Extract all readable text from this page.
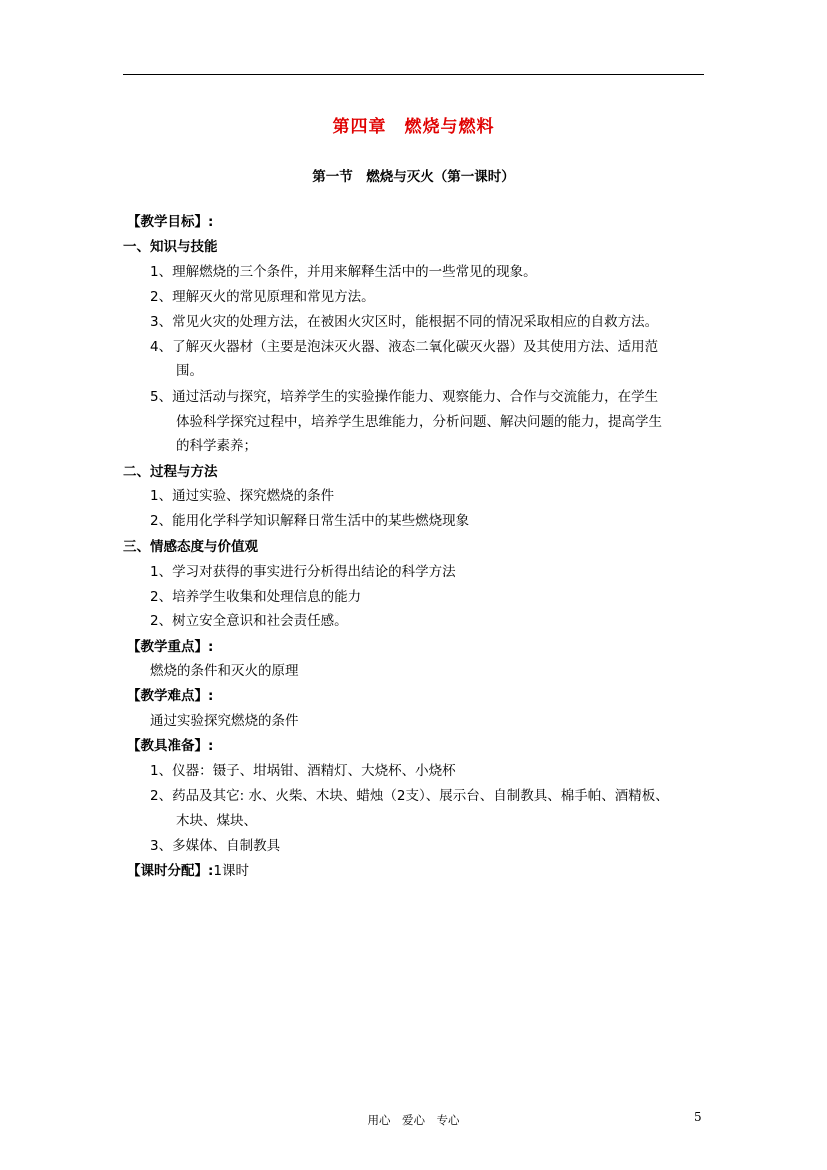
第四章　燃烧与燃料
第一节　燃烧与灭火（第一课时）
【教学目标】:
一、知识与技能
1、理解燃烧的三个条件，并用来解释生活中的一些常见的现象。
2、理解灭火的常见原理和常见方法。
3、常见火灾的处理方法，在被困火灾区时，能根据不同的情况采取相应的自救方法。
4、了解灭火器材（主要是泡沫灭火器、液态二氧化碳灭火器）及其使用方法、适用范
围。
5、通过活动与探究，培养学生的实验操作能力、观察能力、合作与交流能力，在学生
体验科学探究过程中，培养学生思维能力，分析问题、解决问题的能力，提高学生
的科学素养；
二、过程与方法
1、通过实验、探究燃烧的条件
2、能用化学科学知识解释日常生活中的某些燃烧现象
三、情感态度与价值观
1、学习对获得的事实进行分析得出结论的科学方法
2、培养学生收集和处理信息的能力
2、树立安全意识和社会责任感。
【教学重点】:
燃烧的条件和灭火的原理
【教学难点】:
通过实验探究燃烧的条件
【教具准备】:
1、仪器：镊子、坩埚钳、酒精灯、大烧杯、小烧杯
2、药品及其它: 水、火柴、木块、蜡烛（2支）、展示台、自制教具、棉手帕、酒精板、
木块、煤块、
3、多媒体、自制教具
【课时分配】:1课时
用心　爱心　专心	5
